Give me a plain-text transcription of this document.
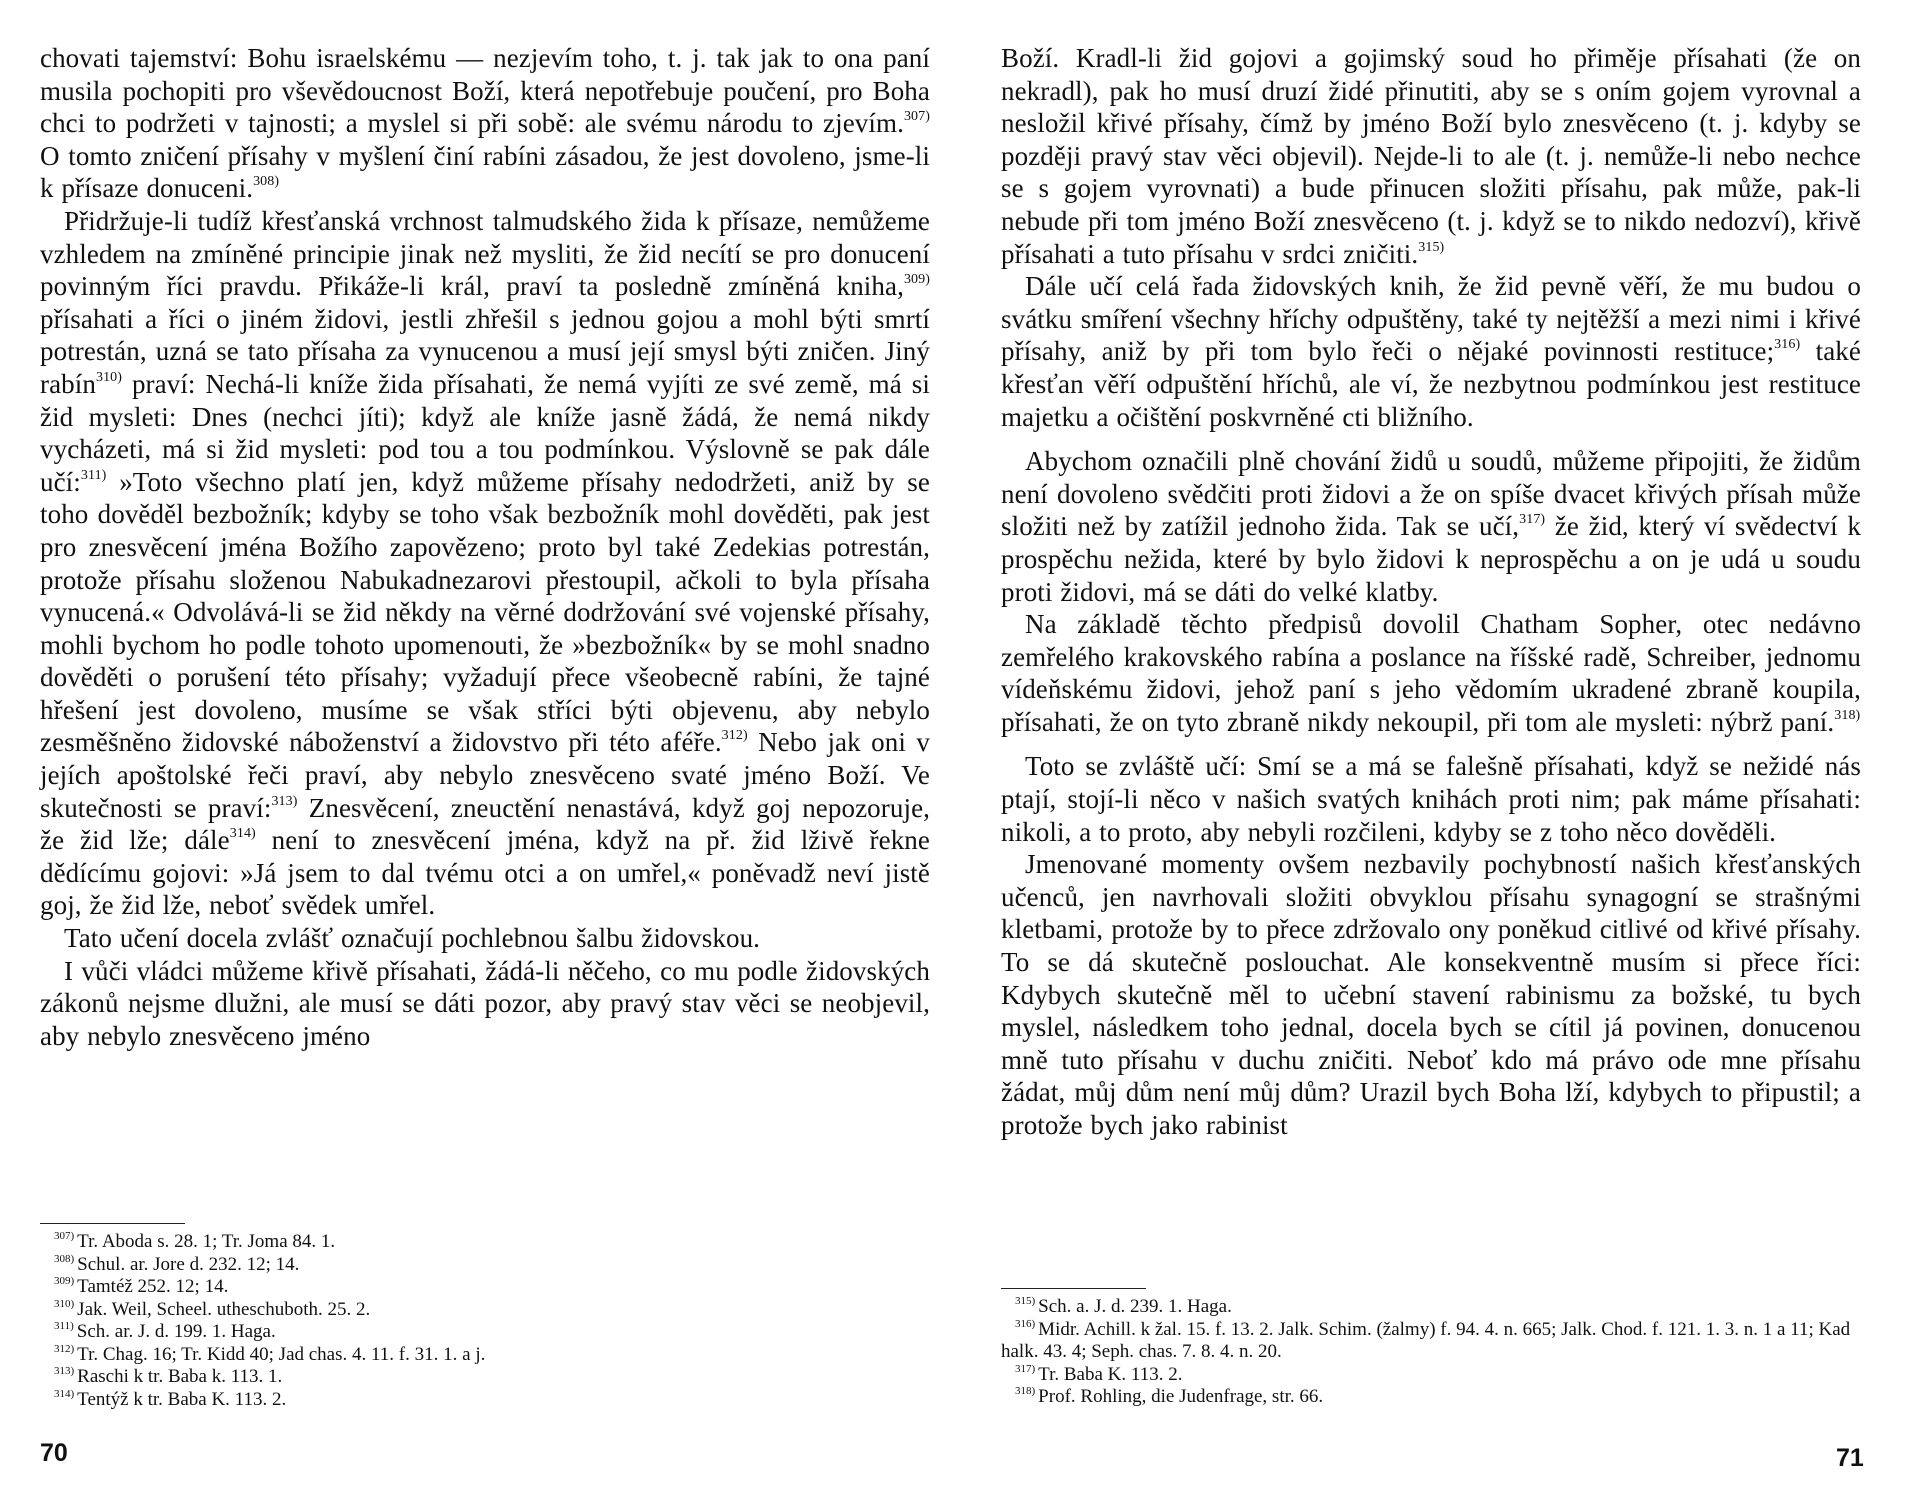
chovati tajemství: Bohu israelskému — nezjevím toho, t. j. tak jak to ona paní musila pochopiti pro vševědoucnost Boží, která nepotřebuje poučení, pro Boha chci to podržeti v tajnosti; a myslel si při sobě: ale svému národu to zjevím.$^{307)}$ O tomto zničení přísahy v myšlení činí rabíni zásadou, že jest dovoleno, jsme-li k přísaze donuceni.$^{308)}$

Přidržuje-li tudíž křesťanská vrchnost talmudského žida k přísaze, nemůžeme vzhledem na zmíněné principie jinak než mysliti, že žid necítí se pro donucení povinným říci pravdu. Přikáže-li král, praví ta posledně zmíněná kniha,$^{309)}$ přísahati a říci o jiném židovi, jestli zhřešil s jednou gojou a mohl býti smrtí potrestán, uzná se tato přísaha za vynucenou a musí její smysl býti zničen. Jiný rabín$^{310)}$ praví: Nechá-li kníže žida přísahati, že nemá vyjíti ze své země, má si žid mysleti: Dnes (nechci jíti); když ale kníže jasně žádá, že nemá nikdy vycházeti, má si žid mysleti: pod tou a tou podmínkou. Výslovně se pak dále učí:$^{311)}$ »Toto všechno platí jen, když můžeme přísahy nedodržeti, aniž by se toho dověděl bezbožník; kdyby se toho však bezbožník mohl dověděti, pak jest pro znesvěcení jména Božího zapovězeno; proto byl také Zedekias potrestán, protože přísahu složenou Nabukadnezarovi přestoupil, ačkoli to byla přísaha vynucená.« Odvolává-li se žid někdy na věrné dodržování své vojenské přísahy, mohli bychom ho podle tohoto upomenouti, že »bezbožník« by se mohl snadno dověděti o porušení této přísahy; vyžadují přece všeobecně rabíni, že tajné hřešení jest dovoleno, musíme se však stříci býti objevenu, aby nebylo zesměšněno židovské náboženství a židovstvo při této aféře.$^{312)}$ Nebo jak oni v jejích apoštolské řeči praví, aby nebylo znesvěceno svaté jméno Boží. Ve skutečnosti se praví:$^{313)}$ Znesvěcení, zneuctění nenastává, když goj nepozoruje, že žid lže; dále$^{314)}$ není to znesvěcení jména, když na př. žid lživě řekne dědícímu gojovi: »Já jsem to dal tvému otci a on umřel,« poněvadž neví jistě goj, že žid lže, neboť svědek umřel.

Tato učení docela zvlášť označují pochlebnou šalbu židovskou.

I vůči vládci můžeme křivě přísahati, žádá-li něčeho, co mu podle židovských zákonů nejsme dlužni, ale musí se dáti pozor, aby pravý stav věci se neobjevil, aby nebylo znesvěceno jméno

$^{307)}$ Tr. Aboda s. 28. 1; Tr. Joma 84. 1.
$^{308)}$ Schul. ar. Jore d. 232. 12; 14.
$^{309)}$ Tamtéž 252. 12; 14.
$^{310)}$ Jak. Weil, Scheel. utheschuboth. 25. 2.
$^{311)}$ Sch. ar. J. d. 199. 1. Haga.
$^{312)}$ Tr. Chag. 16; Tr. Kidd 40; Jad chas. 4. 11. f. 31. 1. a j.
$^{313)}$ Raschi k tr. Baba k. 113. 1.
$^{314)}$ Tentýž k tr. Baba K. 113. 2.
70

Boží. Kradl-li žid gojovi a gojimský soud ho přiměje přísahati (že on nekradl), pak ho musí druzí židé přinutiti, aby se s oním gojem vyrovnal a nesložil křivé přísahy, čímž by jméno Boží bylo znesvěceno (t. j. kdyby se později pravý stav věci objevil). Nejde-li to ale (t. j. nemůže-li nebo nechce se s gojem vyrovnati) a bude přinucen složiti přísahu, pak může, pak-li nebude při tom jméno Boží znesvěceno (t. j. když se to nikdo nedozví), křivě přísahati a tuto přísahu v srdci zničiti.$^{315)}$

Dále učí celá řada židovských knih, že žid pevně věří, že mu budou o svátku smíření všechny hříchy odpuštěny, také ty nejtěžší a mezi nimi i křivé přísahy, aniž by při tom bylo řeči o nějaké povinnosti restituce;$^{316)}$ také křesťan věří odpuštění hříchů, ale ví, že nezbytnou podmínkou jest restituce majetku a očištění poskvrněné cti bližního.

Abychom označili plně chování židů u soudů, můžeme připojiti, že židům není dovoleno svědčiti proti židovi a že on spíše dvacet křivých přísah může složiti než by zatížil jednoho žida. Tak se učí,$^{317)}$ že žid, který ví svědectví k prospěchu nežida, které by bylo židovi k neprospěchu a on je udá u soudu proti židovi, má se dáti do velké klatby.

Na základě těchto předpisů dovolil Chatham Sopher, otec nedávno zemřelého krakovského rabína a poslance na říšské radě, Schreiber, jednomu vídeňskému židovi, jehož paní s jeho vědomím ukradené zbraně koupila, přísahati, že on tyto zbraně nikdy nekoupil, při tom ale mysleti: nýbrž paní.$^{318)}$

Toto se zvláště učí: Smí se a má se falešně přísahati, když se nežidé nás ptají, stojí-li něco v našich svatých knihách proti nim; pak máme přísahati: nikoli, a to proto, aby nebyli rozčileni, kdyby se z toho něco dověděli.

Jmenované momenty ovšem nezbavily pochybností našich křesťanských učenců, jen navrhovali složiti obvyklou přísahu synagogní se strašnými kletbami, protože by to přece zdržovalo ony poněkud citlivé od křivé přísahy. To se dá skutečně poslouchat. Ale konsekventně musím si přece říci: Kdybych skutečně měl to učební stavení rabinismu za božské, tu bych myslel, následkem toho jednal, docela bych se cítil já povinen, donucenou mně tuto přísahu v duchu zničiti. Neboť kdo má právo ode mne přísahu žádat, můj dům není můj dům? Urazil bych Boha lží, kdybych to připustil; a protože bych jako rabinist

$^{315)}$ Sch. a. J. d. 239. 1. Haga.
$^{316)}$ Midr. Achill. k žal. 15. f. 13. 2. Jalk. Schim. (žalmy) f. 94. 4. n. 665; Jalk. Chod. f. 121. 1. 3. n. 1 a 11; Kad halk. 43. 4; Seph. chas. 7. 8. 4. n. 20.
$^{317)}$ Tr. Baba K. 113. 2.
$^{318)}$ Prof. Rohling, die Judenfrage, str. 66.
71
